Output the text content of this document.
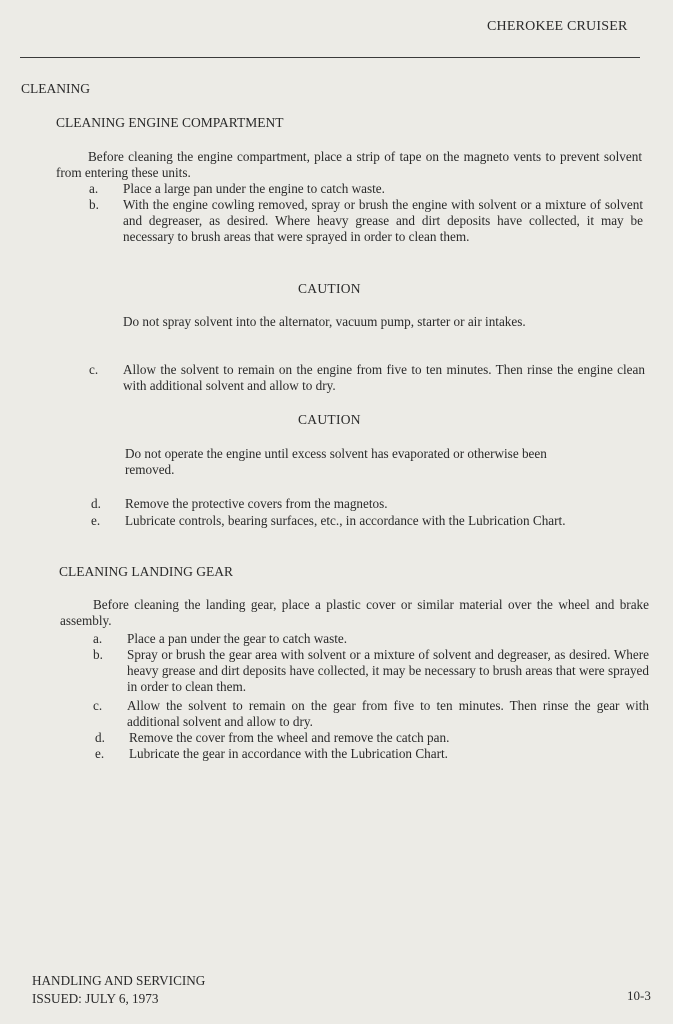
CHEROKEE CRUISER
CLEANING
CLEANING ENGINE COMPARTMENT
Before cleaning the engine compartment, place a strip of tape on the magneto vents to prevent solvent from entering these units.
a. Place a large pan under the engine to catch waste.
b. With the engine cowling removed, spray or brush the engine with solvent or a mixture of solvent and degreaser, as desired. Where heavy grease and dirt deposits have collected, it may be necessary to brush areas that were sprayed in order to clean them.
CAUTION
Do not spray solvent into the alternator, vacuum pump, starter or air intakes.
c. Allow the solvent to remain on the engine from five to ten minutes. Then rinse the engine clean with additional solvent and allow to dry.
CAUTION
Do not operate the engine until excess solvent has evaporated or otherwise been removed.
d. Remove the protective covers from the magnetos.
e. Lubricate controls, bearing surfaces, etc., in accordance with the Lubrication Chart.
CLEANING LANDING GEAR
Before cleaning the landing gear, place a plastic cover or similar material over the wheel and brake assembly.
a. Place a pan under the gear to catch waste.
b. Spray or brush the gear area with solvent or a mixture of solvent and degreaser, as desired. Where heavy grease and dirt deposits have collected, it may be necessary to brush areas that were sprayed in order to clean them.
c. Allow the solvent to remain on the gear from five to ten minutes. Then rinse the gear with additional solvent and allow to dry.
d. Remove the cover from the wheel and remove the catch pan.
e. Lubricate the gear in accordance with the Lubrication Chart.
HANDLING AND SERVICING
ISSUED: JULY 6, 1973	10-3
